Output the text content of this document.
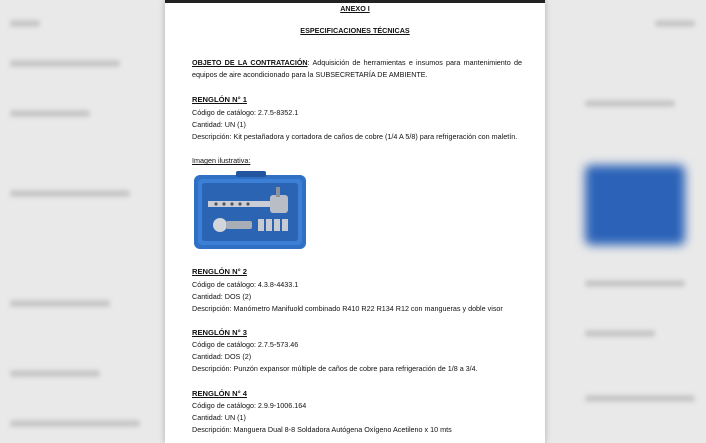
ANEXO I
ESPECIFICACIONES TÉCNICAS
OBJETO DE LA CONTRATACIÓN: Adquisición de herramientas e insumos para mantenimiento de equipos de aire acondicionado para la SUBSECRETARÍA DE AMBIENTE.
RENGLÓN N° 1
Código de catálogo: 2.7.5-8352.1
Cantidad: UN (1)
Descripción: Kit pestañadora y cortadora de caños de cobre (1/4 A 5/8) para refrigeración con maletín.
Imagen ilustrativa:
RENGLÓN N° 2
Código de catálogo: 4.3.8-4433.1
Cantidad: DOS (2)
Descripción: Manómetro Manifuold combinado R410 R22 R134 R12 con mangueras y doble visor
RENGLÓN N° 3
Código de catálogo: 2.7.5-573.46
Cantidad: DOS (2)
Descripción: Punzón expansor múltiple de caños de cobre para refrigeración de 1/8 a 3/4.
RENGLÓN N° 4
Código de catálogo: 2.9.9-1006.164
Cantidad: UN (1)
Descripción: Manguera Dual 8-8 Soldadora Autógena Oxígeno Acetileno x 10 mts
